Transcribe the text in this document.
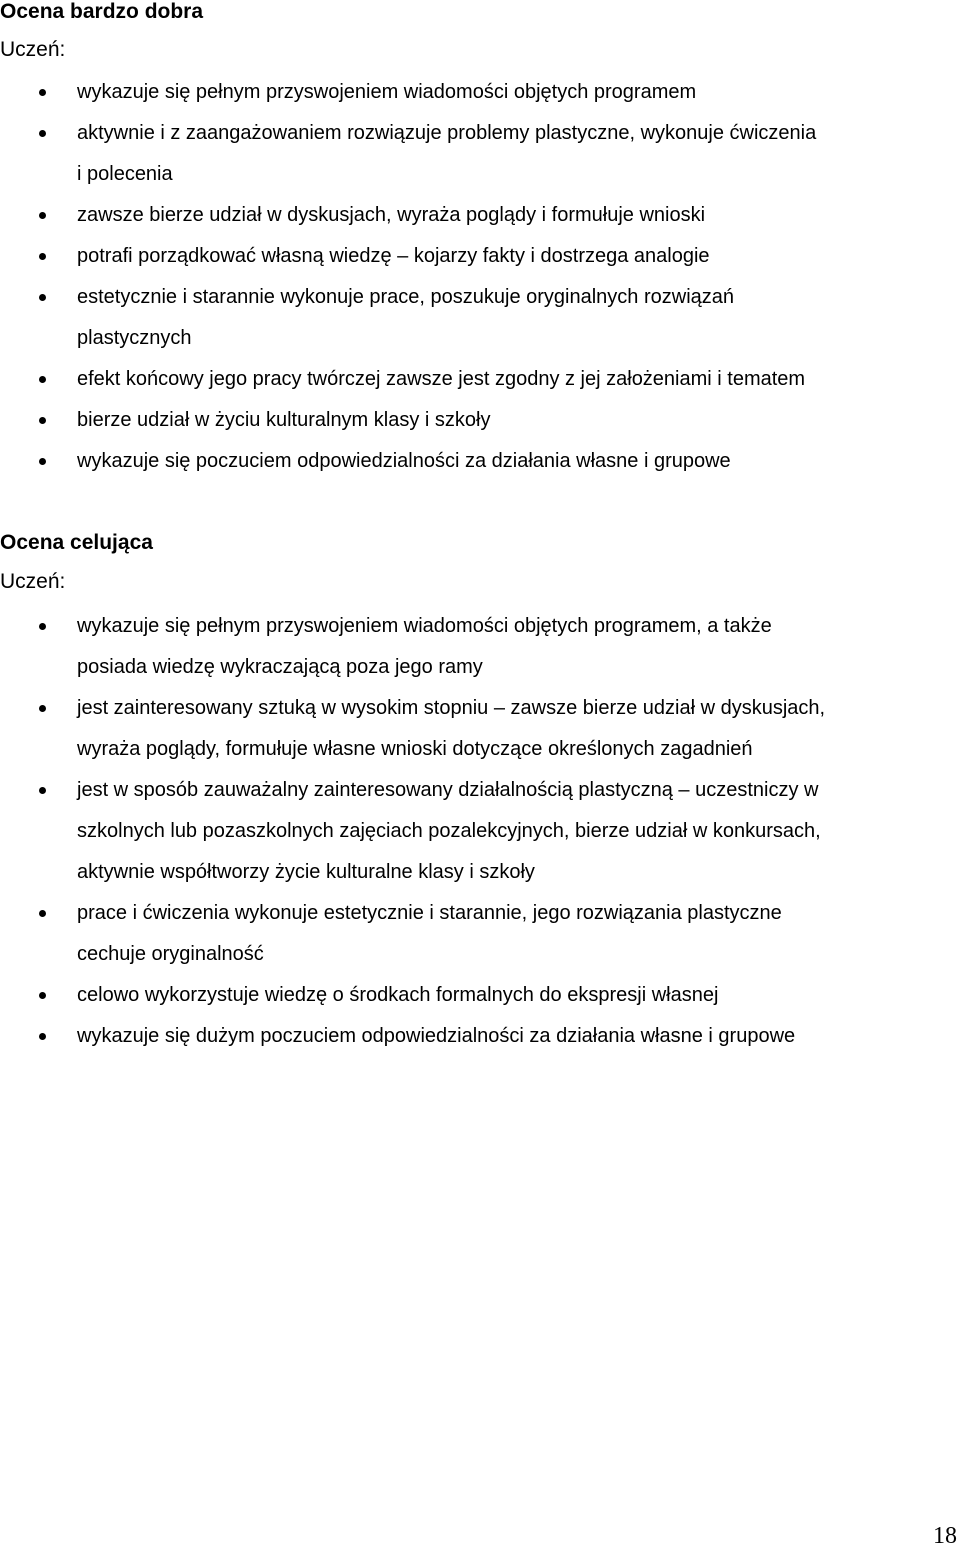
Ocena bardzo dobra
Uczeń:
wykazuje się pełnym przyswojeniem wiadomości objętych programem
aktywnie i z zaangażowaniem rozwiązuje problemy plastyczne, wykonuje ćwiczenia
i polecenia
zawsze bierze udział w dyskusjach, wyraża poglądy i formułuje wnioski
potrafi porządkować własną wiedzę – kojarzy fakty i dostrzega analogie
estetycznie i starannie wykonuje prace, poszukuje oryginalnych rozwiązań
plastycznych
efekt końcowy jego pracy twórczej zawsze jest zgodny z jej założeniami i tematem
bierze udział w życiu kulturalnym klasy i szkoły
wykazuje się poczuciem odpowiedzialności za działania własne i grupowe
Ocena celująca
Uczeń:
wykazuje się pełnym przyswojeniem wiadomości objętych programem, a także
posiada wiedzę wykraczającą poza jego ramy
jest zainteresowany sztuką w wysokim stopniu – zawsze bierze udział w dyskusjach,
wyraża poglądy, formułuje własne wnioski dotyczące określonych zagadnień
jest w sposób zauważalny zainteresowany działalnością plastyczną – uczestniczy w
szkolnych lub pozaszkolnych zajęciach pozalekcyjnych, bierze udział w konkursach,
aktywnie współtworzy życie kulturalne klasy i szkoły
prace i ćwiczenia wykonuje estetycznie i starannie, jego rozwiązania plastyczne
cechuje oryginalność
celowo wykorzystuje wiedzę o środkach formalnych do ekspresji własnej
wykazuje się dużym poczuciem odpowiedzialności za działania własne i grupowe
18
